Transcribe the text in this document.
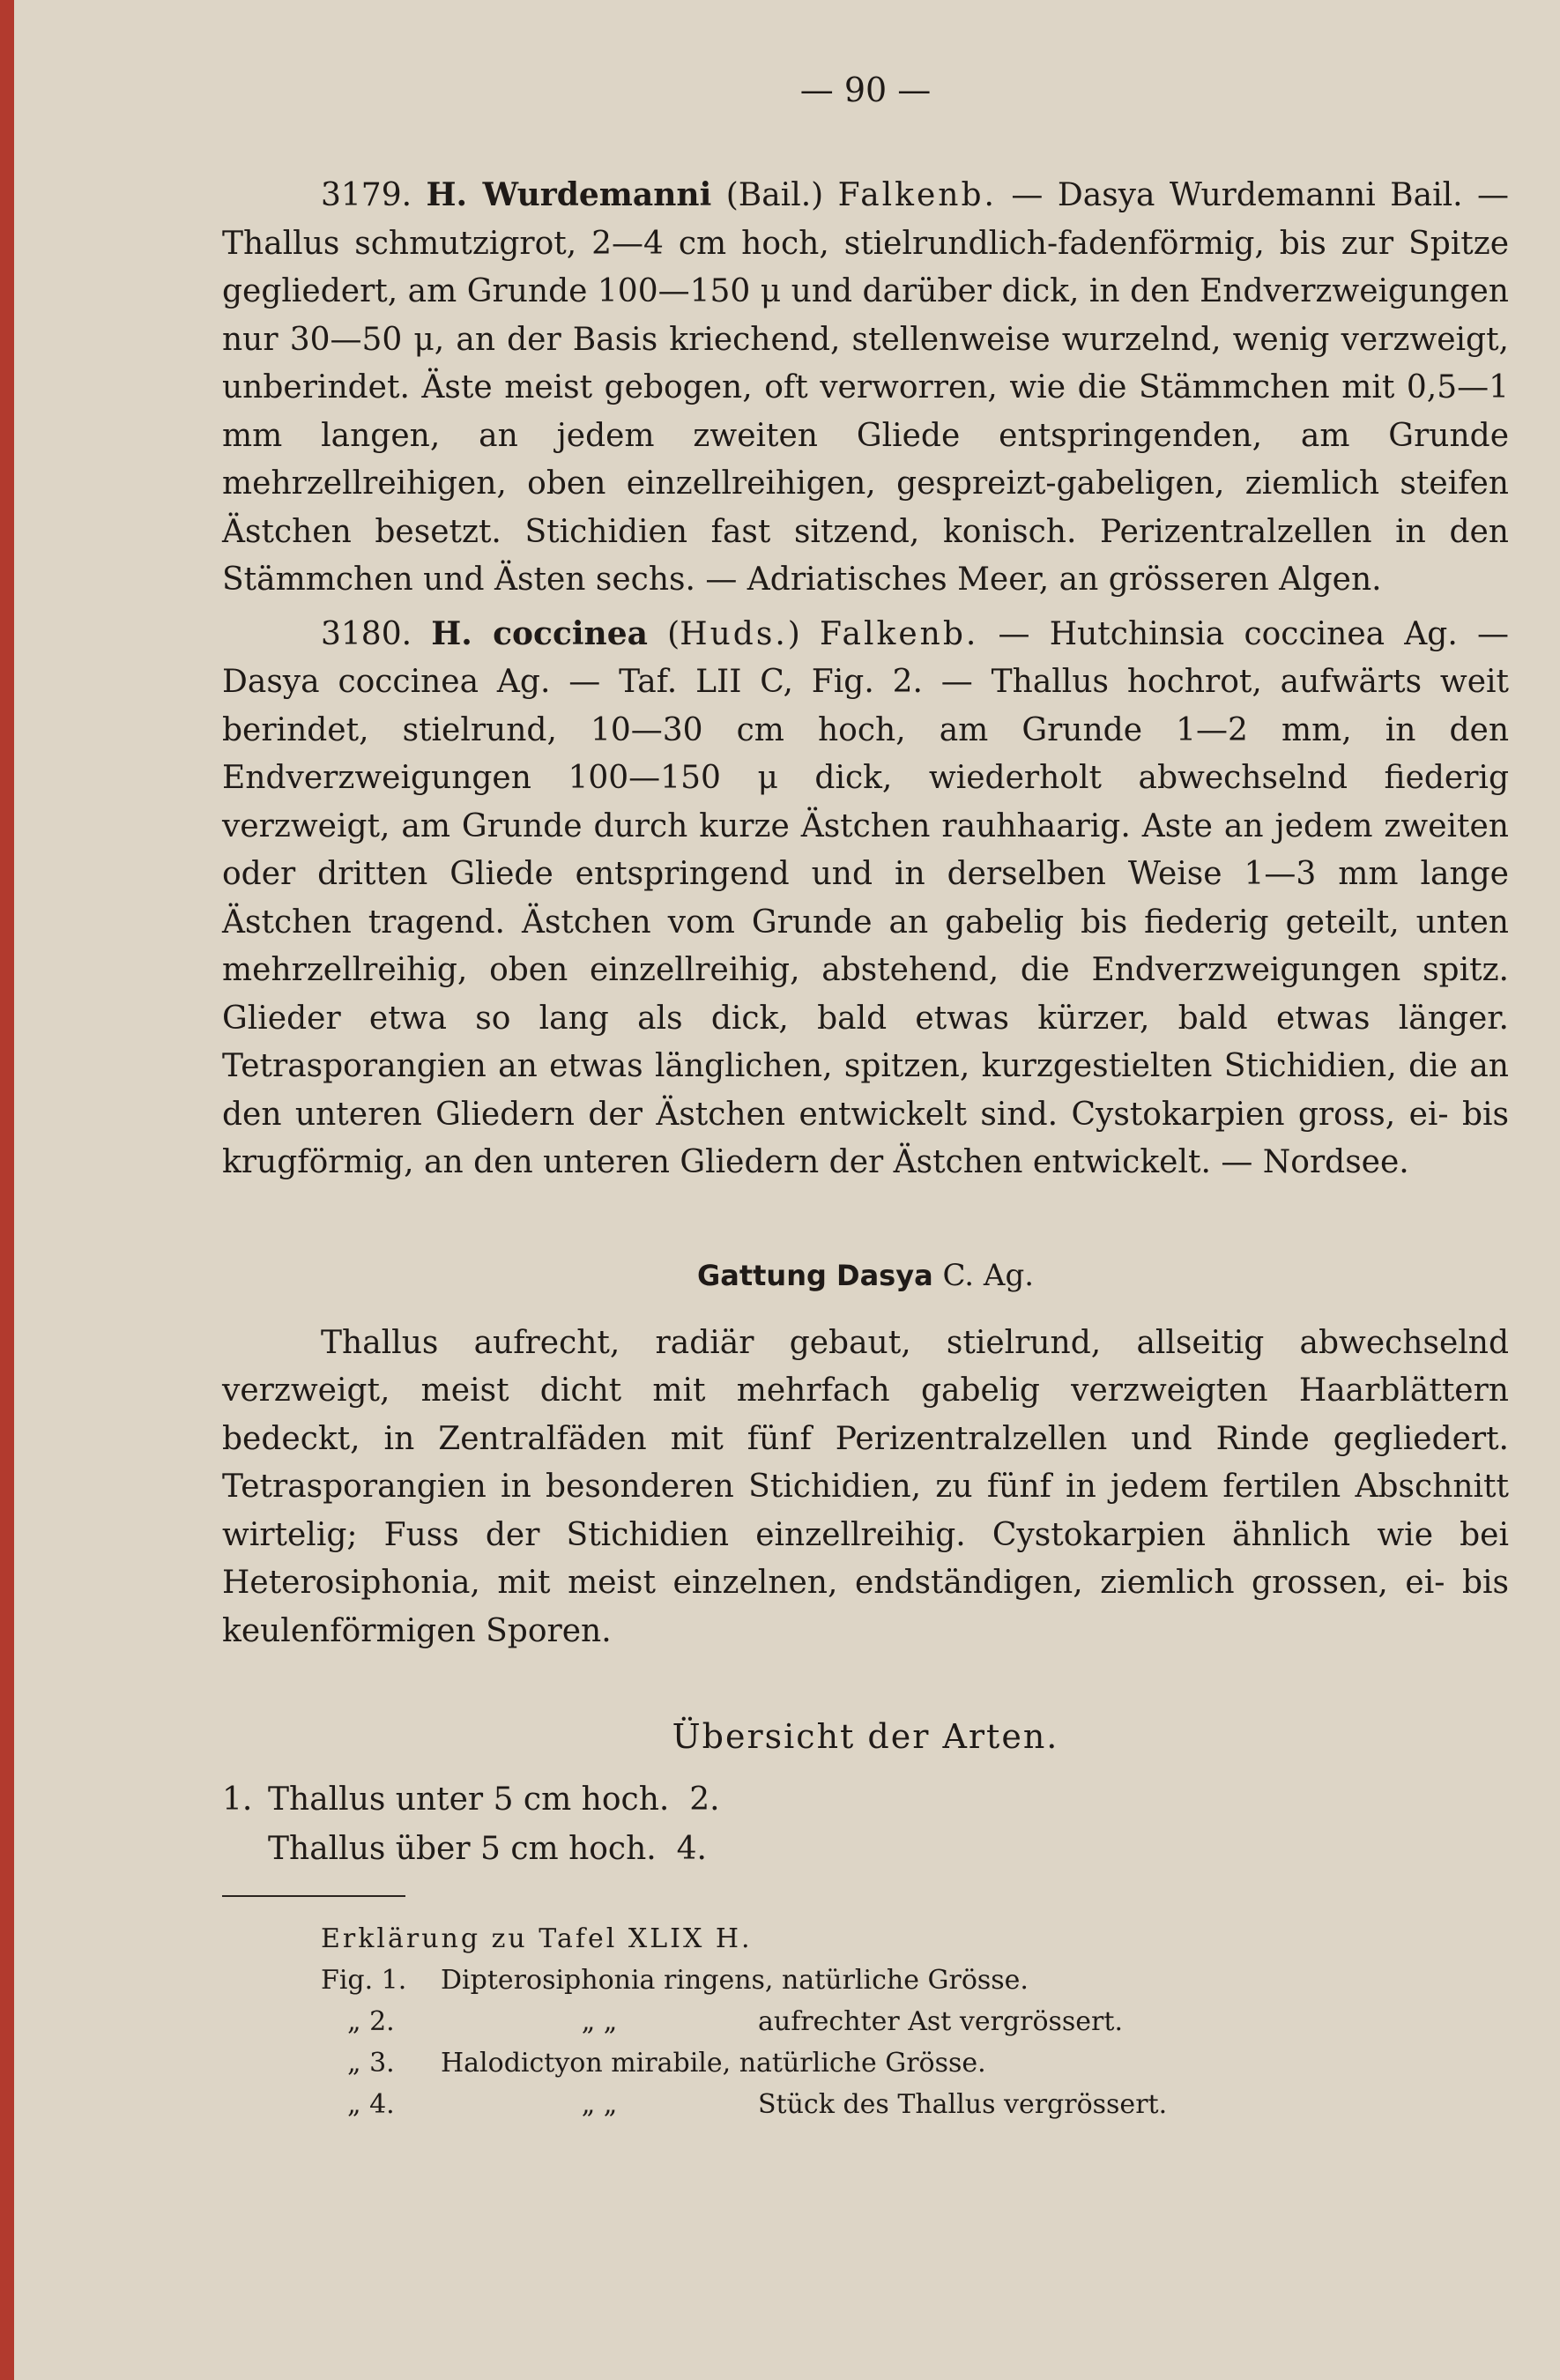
— 90 —

3179. H. Wurdemanni (Bail.) Falkenb. — Dasya Wurdemanni Bail. — Thallus schmutzigrot, 2—4 cm hoch, stielrundlich-fadenförmig, bis zur Spitze gegliedert, am Grunde 100—150 μ und darüber dick, in den Endverzweigungen nur 30—50 μ, an der Basis kriechend, stellenweise wurzelnd, wenig verzweigt, unberindet. Äste meist gebogen, oft verworren, wie die Stämmchen mit 0,5—1 mm langen, an jedem zweiten Gliede entspringenden, am Grunde mehrzellreihigen, oben einzellreihigen, gespreizt-gabeligen, ziemlich steifen Ästchen besetzt. Stichidien fast sitzend, konisch. Perizentralzellen in den Stämmchen und Ästen sechs. — Adriatisches Meer, an grösseren Algen.

3180. H. coccinea (Huds.) Falkenb. — Hutchinsia coccinea Ag. — Dasya coccinea Ag. — Taf. LII C, Fig. 2. — Thallus hochrot, aufwärts weit berindet, stielrund, 10—30 cm hoch, am Grunde 1—2 mm, in den Endverzweigungen 100—150 μ dick, wiederholt abwechselnd fiederig verzweigt, am Grunde durch kurze Ästchen rauhhaarig. Aste an jedem zweiten oder dritten Gliede entspringend und in derselben Weise 1—3 mm lange Ästchen tragend. Ästchen vom Grunde an gabelig bis fiederig geteilt, unten mehrzellreihig, oben einzellreihig, abstehend, die Endverzweigungen spitz. Glieder etwa so lang als dick, bald etwas kürzer, bald etwas länger. Tetrasporangien an etwas länglichen, spitzen, kurzgestielten Stichidien, die an den unteren Gliedern der Ästchen entwickelt sind. Cystokarpien gross, ei- bis krugförmig, an den unteren Gliedern der Ästchen entwickelt. — Nordsee.

Gattung Dasya C. Ag.

Thallus aufrecht, radiär gebaut, stielrund, allseitig abwechselnd verzweigt, meist dicht mit mehrfach gabelig verzweigten Haarblättern bedeckt, in Zentralfäden mit fünf Perizentralzellen und Rinde gegliedert. Tetrasporangien in besonderen Stichidien, zu fünf in jedem fertilen Abschnitt wirtelig; Fuss der Stichidien einzellreihig. Cystokarpien ähnlich wie bei Heterosiphonia, mit meist einzelnen, endständigen, ziemlich grossen, ei- bis keulenförmigen Sporen.

Übersicht der Arten.
1. Thallus unter 5 cm hoch. 2.
Thallus über 5 cm hoch. 4.
Erklärung zu Tafel XLIX H.
Fig. 1.	Dipterosiphonia ringens, natürliche Grösse.
„ 2.	„ „	aufrechter Ast vergrössert.
„ 3.	Halodictyon mirabile, natürliche Grösse.
„ 4.	„ „	Stück des Thallus vergrössert.
